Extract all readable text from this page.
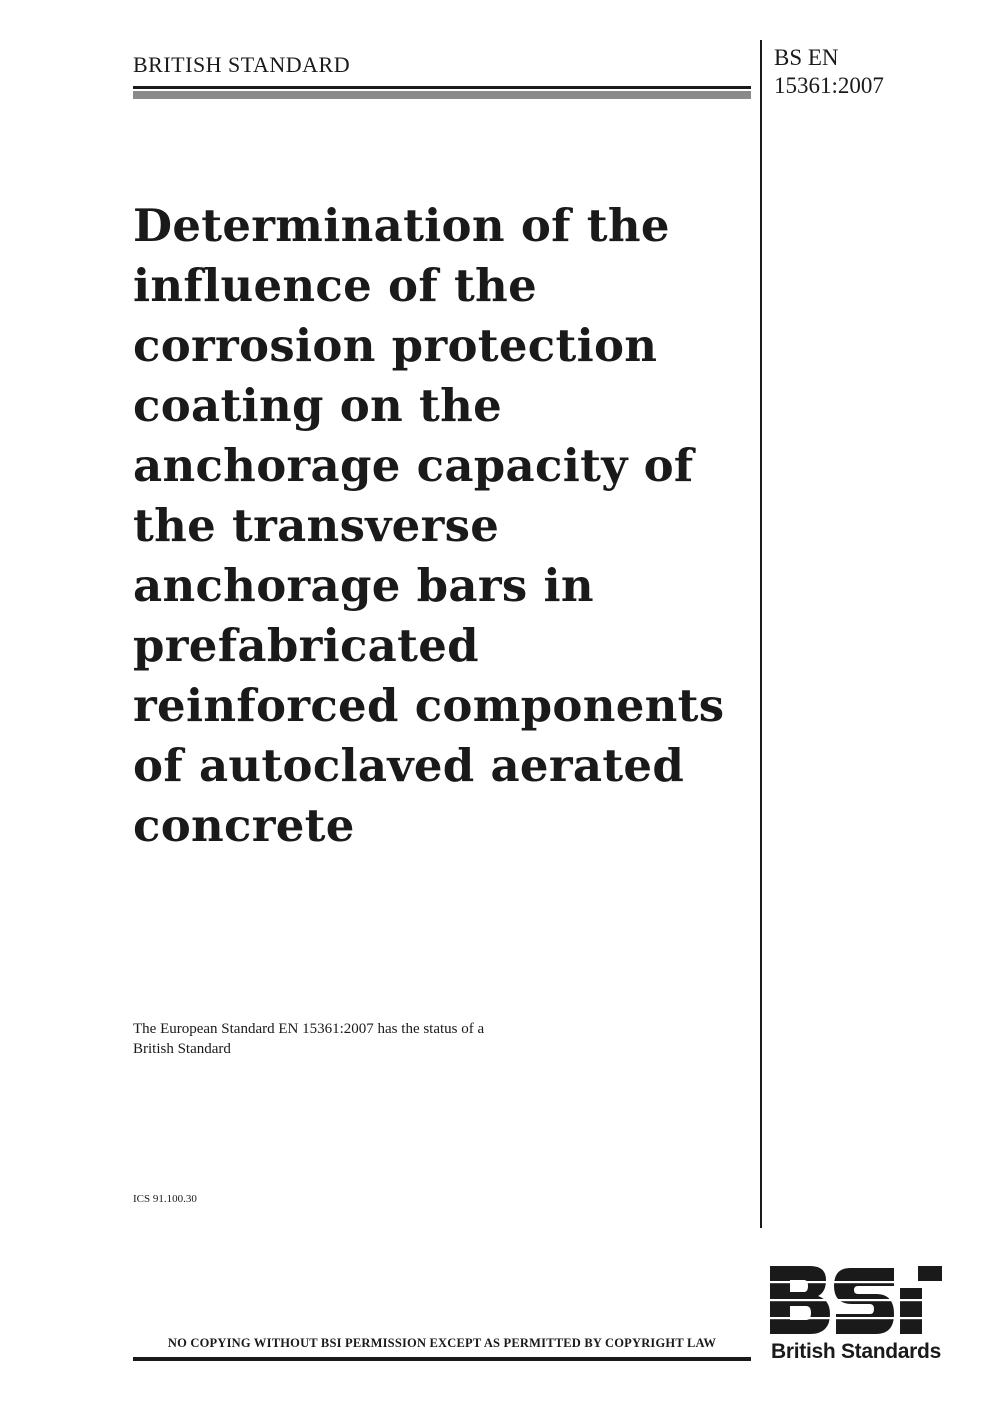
BRITISH STANDARD	BS EN
15361:2007
Determination of the
influence of the
corrosion protection
coating on the
anchorage capacity of
the transverse
anchorage bars in
prefabricated
reinforced components
of autoclaved aerated
concrete
The European Standard EN 15361:2007 has the status of a
British Standard
ICS 91.100.30
NO COPYING WITHOUT BSI PERMISSION EXCEPT AS PERMITTED BY COPYRIGHT LAW	British Standards
